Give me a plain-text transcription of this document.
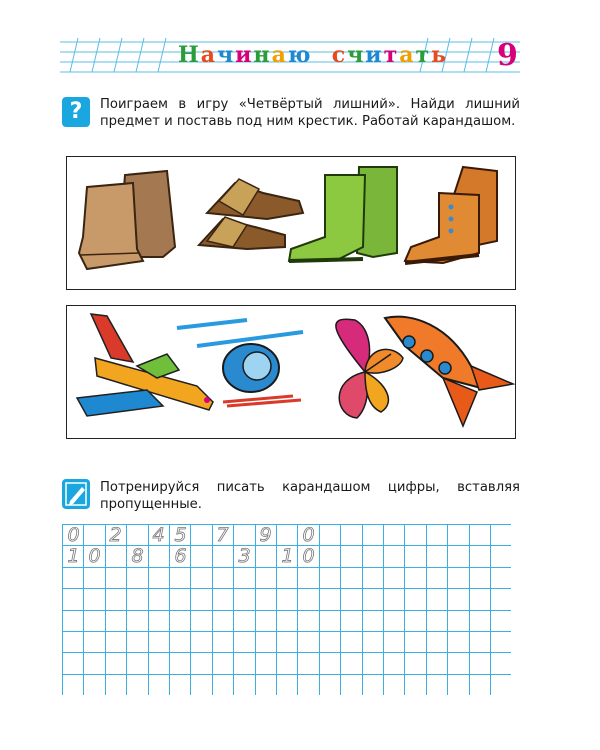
Начинаю считать 9
?	Поиграем в игру «Четвёртый лишний». Найди лишний предмет и поставь под ним крестик. Работай карандашом.
Потренируйся писать карандашом цифры, вставляя пропущенные.
0 2 4 5 7 9 0
1 0 8 6	3 1 0
